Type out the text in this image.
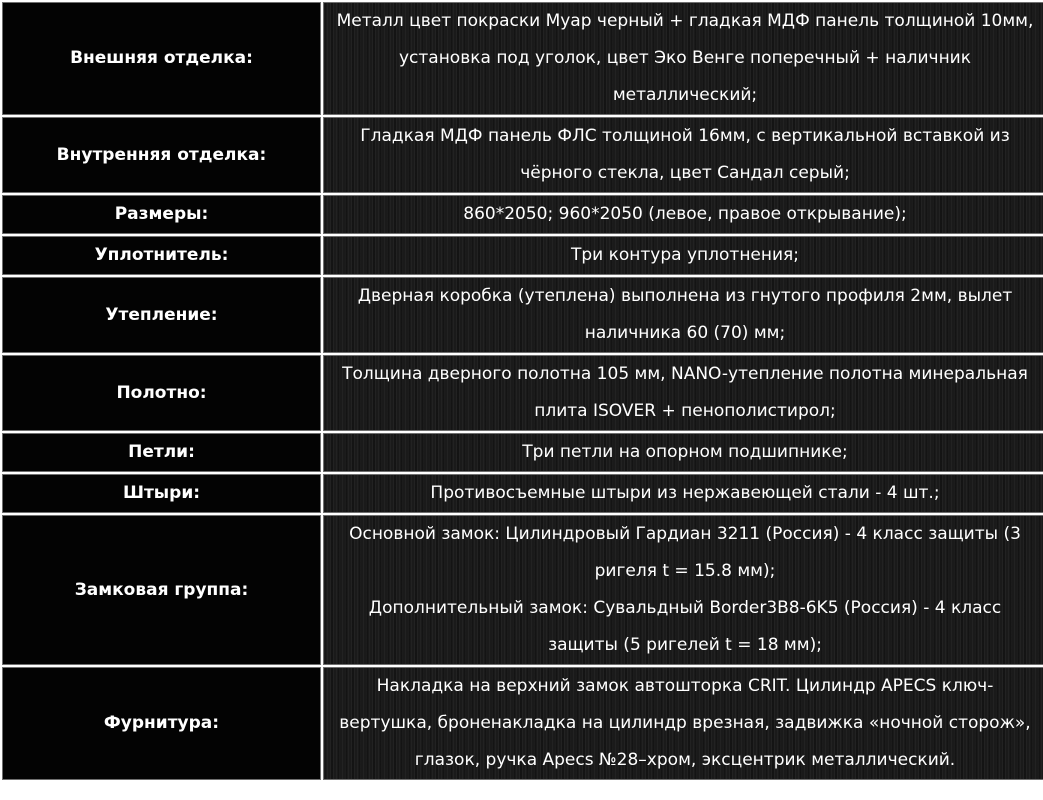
Внешняя отделка:	Металл цвет покраски Муар черный + гладкая МДФ панель толщиной 10мм,
установка под уголок, цвет Эко Венге поперечный + наличник
металлический;

Внутренняя отделка:	Гладкая МДФ панель ФЛС толщиной 16мм, с вертикальной вставкой из
чёрного стекла, цвет Сандал серый;

Размеры:	860*2050; 960*2050 (левое, правое открывание);

Уплотнитель:	Три контура уплотнения;

Утепление:	Дверная коробка (утеплена) выполнена из гнутого профиля 2мм, вылет
наличника 60 (70) мм;

Полотно:	Толщина дверного полотна 105 мм, NANO-утепление полотна минеральная
плита ISOVER + пенополистирол;

Петли:	Три петли на опорном подшипнике;

Штыри:	Противосъемные штыри из нержавеющей стали - 4 шт.;

Замковая группа:	Основной замок: Цилиндровый Гардиан 3211 (Россия) - 4 класс защиты (3
ригеля t = 15.8 мм);
Дополнительный замок: Сувальдный Border3B8-6K5 (Россия) - 4 класс
защиты (5 ригелей t = 18 мм);

Фурнитура:	Накладка на верхний замок автошторка CRIT. Цилиндр APECS ключ-
вертушка, броненакладка на цилиндр врезная, задвижка «ночной сторож»,
глазок, ручка Apecs №28–хром, эксцентрик металлический.
